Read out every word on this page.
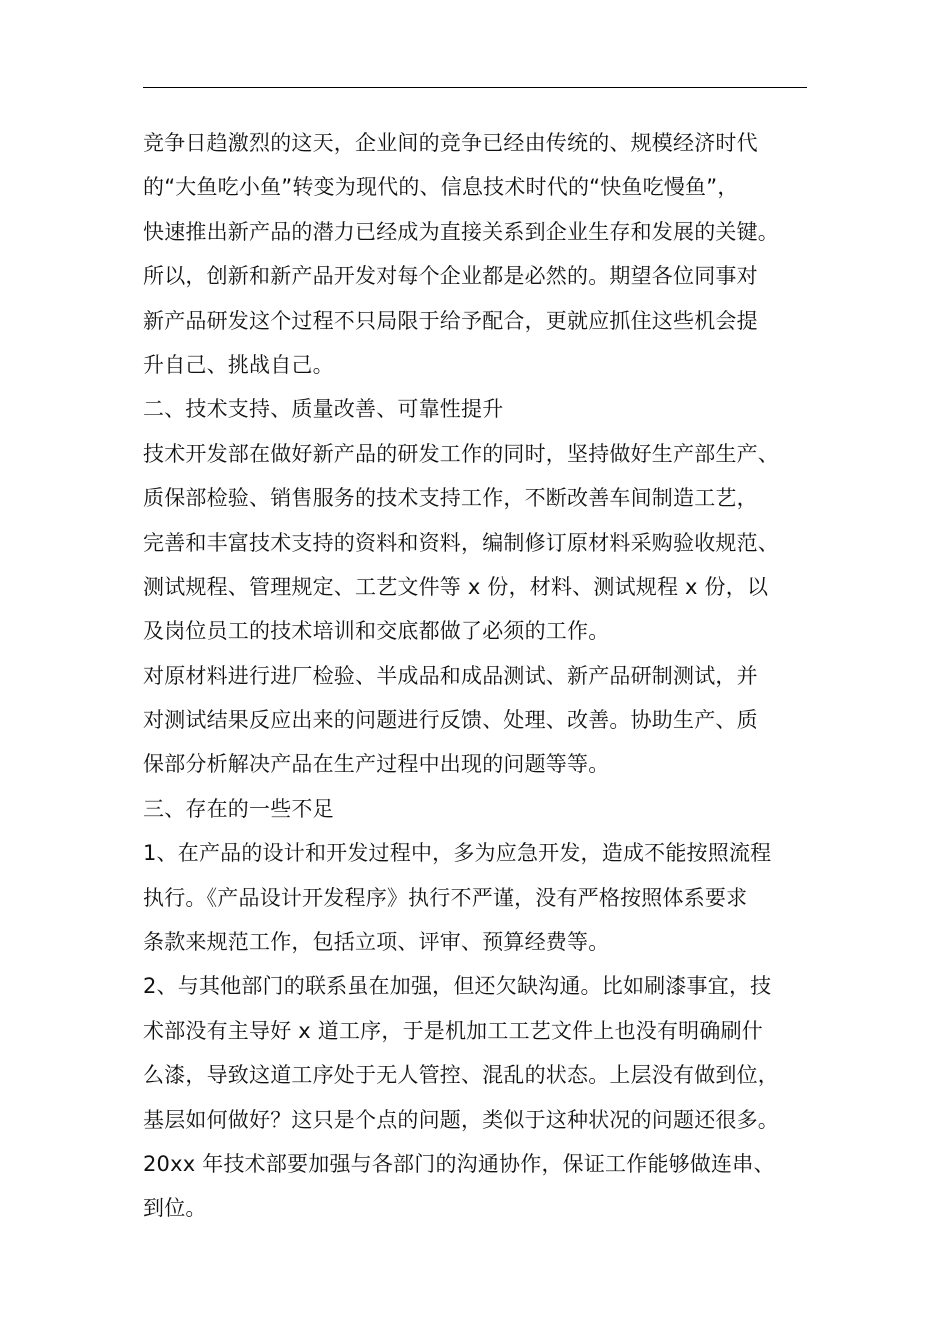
竞争日趋激烈的这天，企业间的竞争已经由传统的、规模经济时代
的“大鱼吃小鱼”转变为现代的、信息技术时代的“快鱼吃慢鱼”，
快速推出新产品的潜力已经成为直接关系到企业生存和发展的关键。
所以，创新和新产品开发对每个企业都是必然的。期望各位同事对
新产品研发这个过程不只局限于给予配合，更就应抓住这些机会提
升自己、挑战自己。
二、技术支持、质量改善、可靠性提升
技术开发部在做好新产品的研发工作的同时，坚持做好生产部生产、
质保部检验、销售服务的技术支持工作，不断改善车间制造工艺，
完善和丰富技术支持的资料和资料，编制修订原材料采购验收规范、
测试规程、管理规定、工艺文件等 x 份，材料、测试规程 x 份，以
及岗位员工的技术培训和交底都做了必须的工作。
对原材料进行进厂检验、半成品和成品测试、新产品研制测试，并
对测试结果反应出来的问题进行反馈、处理、改善。协助生产、质
保部分析解决产品在生产过程中出现的问题等等。
三、存在的一些不足
1、在产品的设计和开发过程中，多为应急开发，造成不能按照流程
执行。《产品设计开发程序》执行不严谨，没有严格按照体系要求
条款来规范工作，包括立项、评审、预算经费等。
2、与其他部门的联系虽在加强，但还欠缺沟通。比如刷漆事宜，技
术部没有主导好 x 道工序，于是机加工工艺文件上也没有明确刷什
么漆，导致这道工序处于无人管控、混乱的状态。上层没有做到位，
基层如何做好？这只是个点的问题，类似于这种状况的问题还很多。
20xx 年技术部要加强与各部门的沟通协作，保证工作能够做连串、
到位。
